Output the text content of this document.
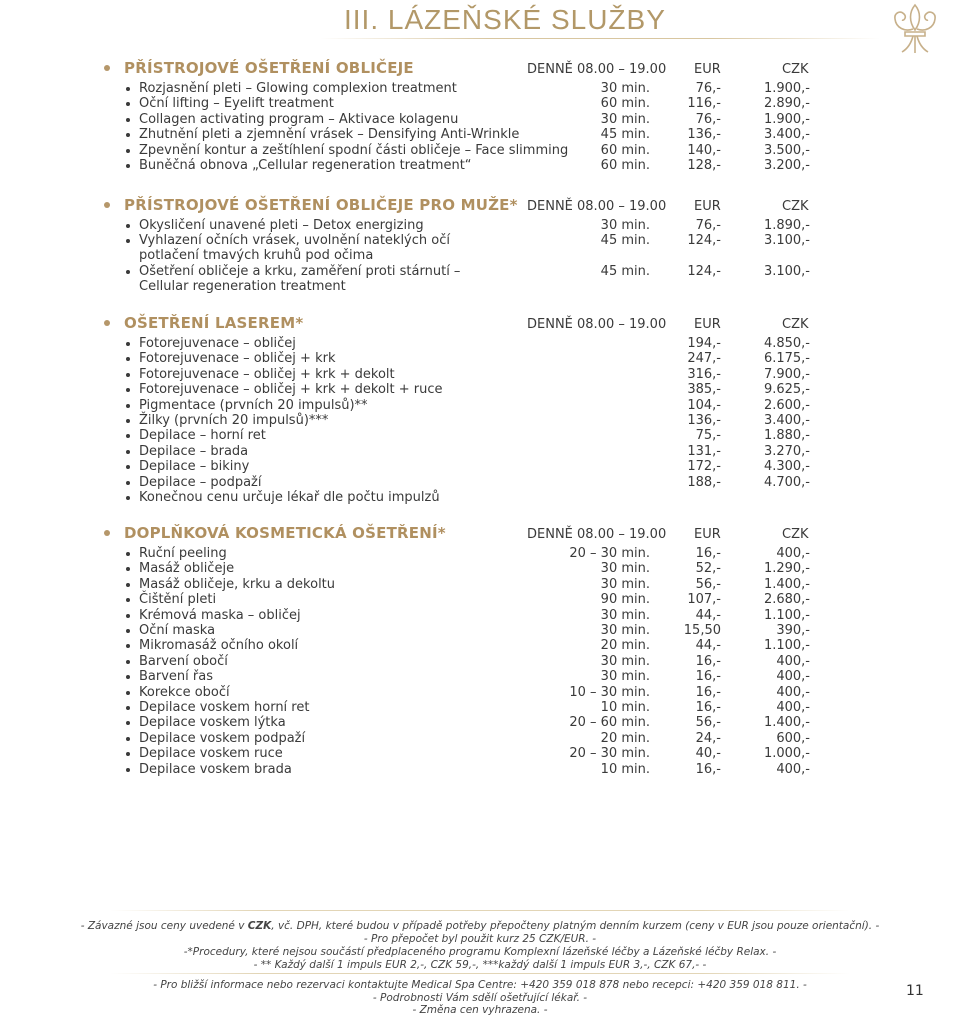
III. LÁZEŇSKÉ SLUŽBY
PŘÍSTROJOVÉ OŠETŘENÍ OBLIČEJE	DENNĚ 08.00 – 19.00 EUR	CZK
Rozjasnění pleti – Glowing complexion treatment	30 min.	76,-	1.900,-
Oční lifting – Eyelift treatment	60 min.	116,-	2.890,-
Collagen activating program – Aktivace kolagenu	30 min.	76,-	1.900,-
Zhutnění pleti a zjemnění vrásek – Densifying Anti-Wrinkle	45 min.	136,-	3.400,-
Zpevnění kontur a zeštíhlení spodní části obličeje – Face slimming 60 min.	140,-	3.500,-
Buněčná obnova „Cellular regeneration treatment“	60 min.	128,-	3.200,-
PŘÍSTROJOVÉ OŠETŘENÍ OBLIČEJE PRO MUŽE* DENNĚ 08.00 – 19.00 EUR	CZK
Okysličení unavené pleti – Detox energizing	30 min.	76,-	1.890,-
Vyhlazení očních vrásek, uvolnění nateklých očí
potlačení tmavých kruhů pod očima
45 min.	124,-	3.100,-
Ošetření obličeje a krku, zaměření proti stárnutí –
Cellular regeneration treatment
45 min.	124,-	3.100,-
OŠETŘENÍ LASEREM*	DENNĚ 08.00 – 19.00 EUR	CZK
Fotorejuvenace – obličej	194,-	4.850,-
Fotorejuvenace – obličej + krk	247,-	6.175,-
Fotorejuvenace – obličej + krk + dekolt	316,-	7.900,-
Fotorejuvenace – obličej + krk + dekolt + ruce	385,-	9.625,-
Pigmentace (prvních 20 impulsů)**	104,-	2.600,-
Žilky (prvních 20 impulsů)***	136,-	3.400,-
Depilace – horní ret	75,-	1.880,-
Depilace – brada	131,-	3.270,-
Depilace – bikiny	172,-	4.300,-
Depilace – podpaží	188,-	4.700,-
Konečnou cenu určuje lékař dle počtu impulzů
DOPLŇKOVÁ KOSMETICKÁ OŠETŘENÍ*	DENNĚ 08.00 – 19.00 EUR	CZK
Ruční peeling	20 – 30 min.	16,-	400,-
Masáž obličeje	30 min.	52,-	1.290,-
Masáž obličeje, krku a dekoltu	30 min.	56,-	1.400,-
Čištění pleti	90 min.	107,-	2.680,-
Krémová maska – obličej	30 min.	44,-	1.100,-
Oční maska	30 min.	15,50	390,-
Mikromasáž očního okolí	20 min.	44,-	1.100,-
Barvení obočí	30 min.	16,-	400,-
Barvení řas	30 min.	16,-	400,-
Korekce obočí	10 – 30 min.	16,-	400,-
Depilace voskem horní ret	10 min.	16,-	400,-
Depilace voskem lýtka	20 – 60 min.	56,-	1.400,-
Depilace voskem podpaží	20 min.	24,-	600,-
Depilace voskem ruce	20 – 30 min.	40,-	1.000,-
Depilace voskem brada	10 min.	16,-	400,-
- Závazné jsou ceny uvedené v CZK, vč. DPH, které budou v případě potřeby přepočteny platným denním kurzem (ceny v EUR jsou pouze orientační). -
- Pro přepočet byl použit kurz 25 CZK/EUR. -
-*Procedury, které nejsou součástí předplaceného programu Komplexní lázeňské léčby a Lázeňské léčby Relax. -
- ** Každý další 1 impuls EUR 2,-, CZK 59,-, ***každý další 1 impuls EUR 3,-, CZK 67,- -
- Pro bližší informace nebo rezervaci kontaktujte Medical Spa Centre: +420 359 018 878 nebo recepci: +420 359 018 811. -
- Podrobnosti Vám sdělí ošetřující lékař. -
- Změna cen vyhrazena. -
11
